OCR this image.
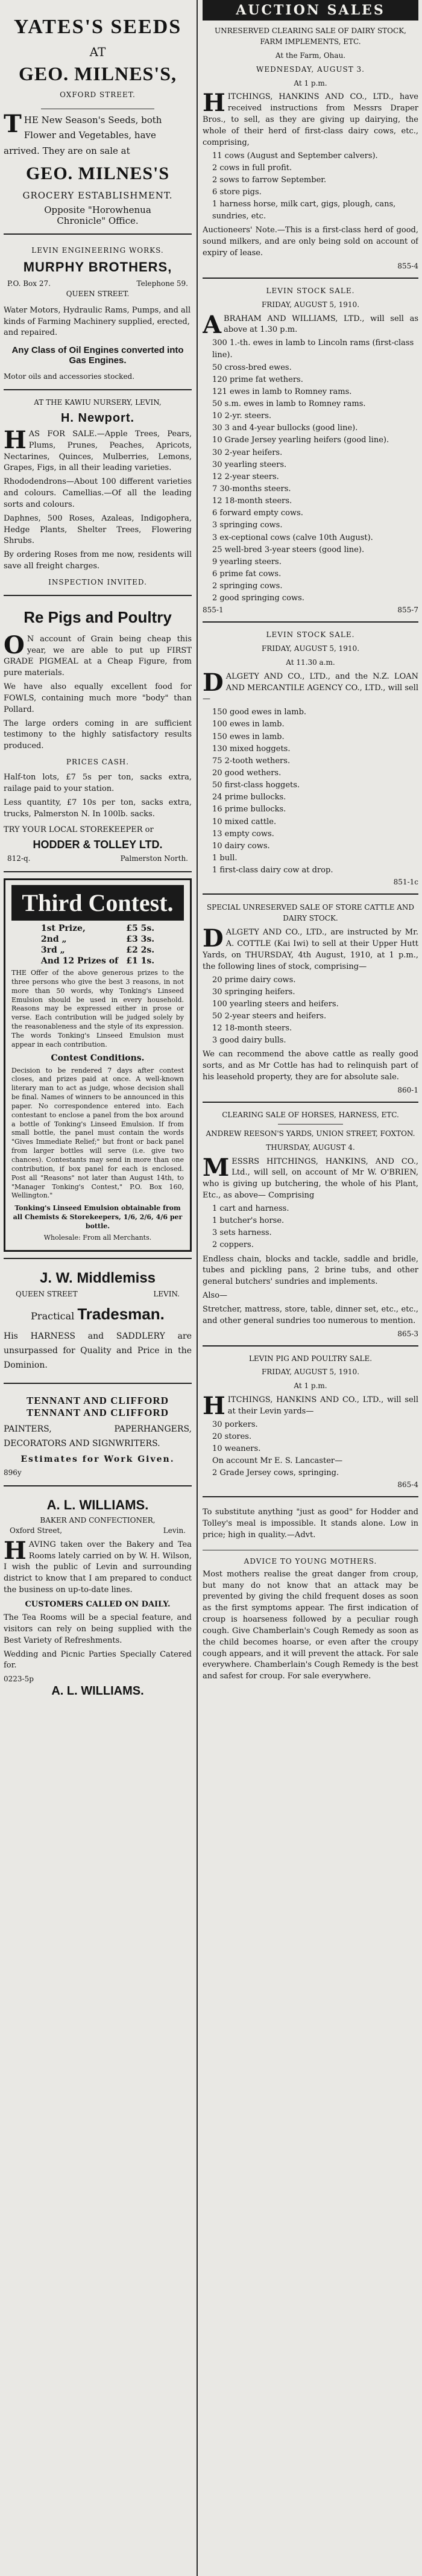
YATES'S SEEDS
AT
GEO. MILNES'S,
OXFORD STREET.
T HE New Season's Seeds, both Flower and Vegetables, have arrived. They are on sale at
GEO. MILNES'S
GROCERY ESTABLISHMENT.
Opposite "Horowhenua Chronicle" Office.
LEVIN ENGINEERING WORKS.
MURPHY BROTHERS,
P.O. Box 27.	Telephone 59.
QUEEN STREET.

Water Motors, Hydraulic Rams, Pumps, and all kinds of Farming Machinery supplied, erected, and repaired.

Any Class of Oil Engines converted into Gas Engines.
Motor oils and accessories stocked.
AT THE KAWIU NURSERY, LEVIN,
H. Newport.
H AS FOR SALE.—Apple Trees, Pears, Plums, Prunes, Peaches, Apricots, Nectarines, Quinces, Mulberries, Lemons, Grapes, Figs, in all their leading varieties.

Rhododendrons—About 100 different varieties and colours. Camellias.—Of all the leading sorts and colours.

Daphnes, 500 Roses, Azaleas, Indigophera, Hedge Plants, Shelter Trees, Flowering Shrubs.

By ordering Roses from me now, residents will save all freight charges.

INSPECTION INVITED.
Re Pigs and Poultry
O N account of Grain being cheap this year, we are able to put up FIRST GRADE PIGMEAL at a Cheap Figure, from pure materials.

We have also equally excellent food for FOWLS, containing much more "body" than Pollard.

The large orders coming in are sufficient testimony to the highly satisfactory results produced.

PRICES CASH.

Half-ton lots, £7 5s per ton, sacks extra, railage paid to your station.

Less quantity, £7 10s per ton, sacks extra, trucks, Palmerston N. In 100lb. sacks.

TRY YOUR LOCAL STOREKEEPER or

HODDER & TOLLEY LTD.
812-q.	Palmerston North.
Third Contest.
1st Prize,	£5 5s.
2nd „	£3 3s.
3rd „	£2 2s.
And 12 Prizes of	£1 1s.

THE Offer of the above generous prizes to the three persons who give the best 3 reasons, in not more than 50 words, why Tonking's Linseed Emulsion should be used in every household. Reasons may be expressed either in prose or verse. Each contribution will be judged solely by the reasonableness and the style of its expression. The words Tonking's Linseed Emulsion must appear in each contribution.

Contest Conditions.

Decision to be rendered 7 days after contest closes, and prizes paid at once. A well-known literary man to act as judge, whose decision shall be final. Names of winners to be announced in this paper. No correspondence entered into. Each contestant to enclose a panel from the box around a bottle of Tonking's Linseed Emulsion. If from small bottle, the panel must contain the words "Gives Immediate Relief;" but front or back panel from larger bottles will serve (i.e. give two chances). Contestants may send in more than one contribution, if box panel for each is enclosed. Post all "Reasons" not later than August 14th, to "Manager Tonking's Contest," P.O. Box 160, Wellington."

Tonking's Linseed Emulsion obtainable from all Chemists & Storekeepers, 1/6, 2/6, 4/6 per bottle.

Wholesale: From all Merchants.

J. W. Middlemiss
QUEEN STREET	LEVIN.
Practical Tradesman.

His HARNESS and SADDLERY are unsurpassed for Quality and Price in the Dominion.

TENNANT AND CLIFFORD
TENNANT AND CLIFFORD

PAINTERS, PAPERHANGERS, DECORATORS AND SIGNWRITERS.

Estimates for Work Given.
896y
A. L. WILLIAMS.
BAKER AND CONFECTIONER,
Oxford Street,	Levin.
H AVING taken over the Bakery and Tea Rooms lately carried on by W. H. Wilson, I wish the public of Levin and surrounding district to know that I am prepared to conduct the business on up-to-date lines.
CUSTOMERS CALLED ON DAILY.

The Tea Rooms will be a special feature, and visitors can rely on being supplied with the Best Variety of Refreshments.

Wedding and Picnic Parties Specially Catered for.

0223-5p
A. L. WILLIAMS.
AUCTION SALES
UNRESERVED CLEARING SALE OF DAIRY STOCK, FARM IMPLEMENTS, ETC.
At the Farm, Ohau.
WEDNESDAY, AUGUST 3.
At 1 p.m.
H ITCHINGS, HANKINS AND CO., LTD., have received instructions from Messrs Draper Bros., to sell, as they are giving up dairying, the whole of their herd of first-class dairy cows, etc., comprising,
11 cows (August and September calvers).
2 cows in full profit.
2 sows to farrow September.
6 store pigs.
1 harness horse, milk cart, gigs, plough, cans, sundries, etc.

Auctioneers' Note.—This is a first-class herd of good, sound milkers, and are only being sold on account of expiry of lease.

855-4
LEVIN STOCK SALE.
FRIDAY, AUGUST 5, 1910.
A BRAHAM AND WILLIAMS, LTD., will sell as above at 1.30 p.m.
300 1.-th. ewes in lamb to Lincoln rams (first-class line).
50 cross-bred ewes.
120 prime fat wethers.
121 ewes in lamb to Romney rams.
50 s.m. ewes in lamb to Romney rams.
10 2-yr. steers.
30 3 and 4-year bullocks (good line).
10 Grade Jersey yearling heifers (good line).
30 2-year heifers.
30 yearling steers.
12 2-year steers.
7 30-months steers.
12 18-month steers.
6 forward empty cows.
3 springing cows.
3 ex-ceptional cows (calve 10th August).
25 well-bred 3-year steers (good line).
9 yearling steers.
6 prime fat cows.
2 springing cows.
2 good springing cows.
855-1	855-7
LEVIN STOCK SALE.
FRIDAY, AUGUST 5, 1910.
At 11.30 a.m.
D ALGETY AND CO., LTD., and the N.Z. LOAN AND MERCANTILE AGENCY CO., LTD., will sell—
150 good ewes in lamb.
100 ewes in lamb.
150 ewes in lamb.
130 mixed hoggets.
75 2-tooth wethers.
20 good wethers.
50 first-class hoggets.
24 prime bullocks.
16 prime bullocks.
10 mixed cattle.
13 empty cows.
10 dairy cows.
1 bull.
1 first-class dairy cow at drop.
851-1c
SPECIAL UNRESERVED SALE OF STORE CATTLE AND DAIRY STOCK.
D ALGETY AND CO., LTD., are instructed by Mr. A. COTTLE (Kai Iwi) to sell at their Upper Hutt Yards, on THURSDAY, 4th August, 1910, at 1 p.m., the following lines of stock, comprising—
20 prime dairy cows.
30 springing heifers.
100 yearling steers and heifers.
50 2-year steers and heifers.
12 18-month steers.
3 good dairy bulls.

We can recommend the above cattle as really good sorts, and as Mr Cottle has had to relinquish part of his leasehold property, they are for absolute sale.

860-1
CLEARING SALE OF HORSES, HARNESS, ETC.
ANDREW REESON'S YARDS, UNION STREET, FOXTON.
THURSDAY, AUGUST 4.
M ESSRS HITCHINGS, HANKINS, AND CO., Ltd., will sell, on account of Mr W. O'BRIEN, who is giving up butchering, the whole of his Plant, Etc., as above— Comprising
1 cart and harness.
1 butcher's horse.
3 sets harness.
2 coppers.

Endless chain, blocks and tackle, saddle and bridle, tubes and pickling pans, 2 brine tubs, and other general butchers' sundries and implements.

Also—

Stretcher, mattress, store, table, dinner set, etc., etc., and other general sundries too numerous to mention.

865-3
LEVIN PIG AND POULTRY SALE.
FRIDAY, AUGUST 5, 1910.
At 1 p.m.
H ITCHINGS, HANKINS AND CO., LTD., will sell at their Levin yards—
30 porkers.
20 stores.
10 weaners.
On account Mr E. S. Lancaster—
2 Grade Jersey cows, springing.
865-4

To substitute anything "just as good" for Hodder and Tolley's meal is impossible. It stands alone. Low in price; high in quality.—Advt.

ADVICE TO YOUNG MOTHERS.

Most mothers realise the great danger from croup, but many do not know that an attack may be prevented by giving the child frequent doses as soon as the first symptoms appear. The first indication of croup is hoarseness followed by a peculiar rough cough. Give Chamberlain's Cough Remedy as soon as the child becomes hoarse, or even after the croupy cough appears, and it will prevent the attack. For sale everywhere. Chamberlain's Cough Remedy is the best and safest for croup. For sale everywhere.
